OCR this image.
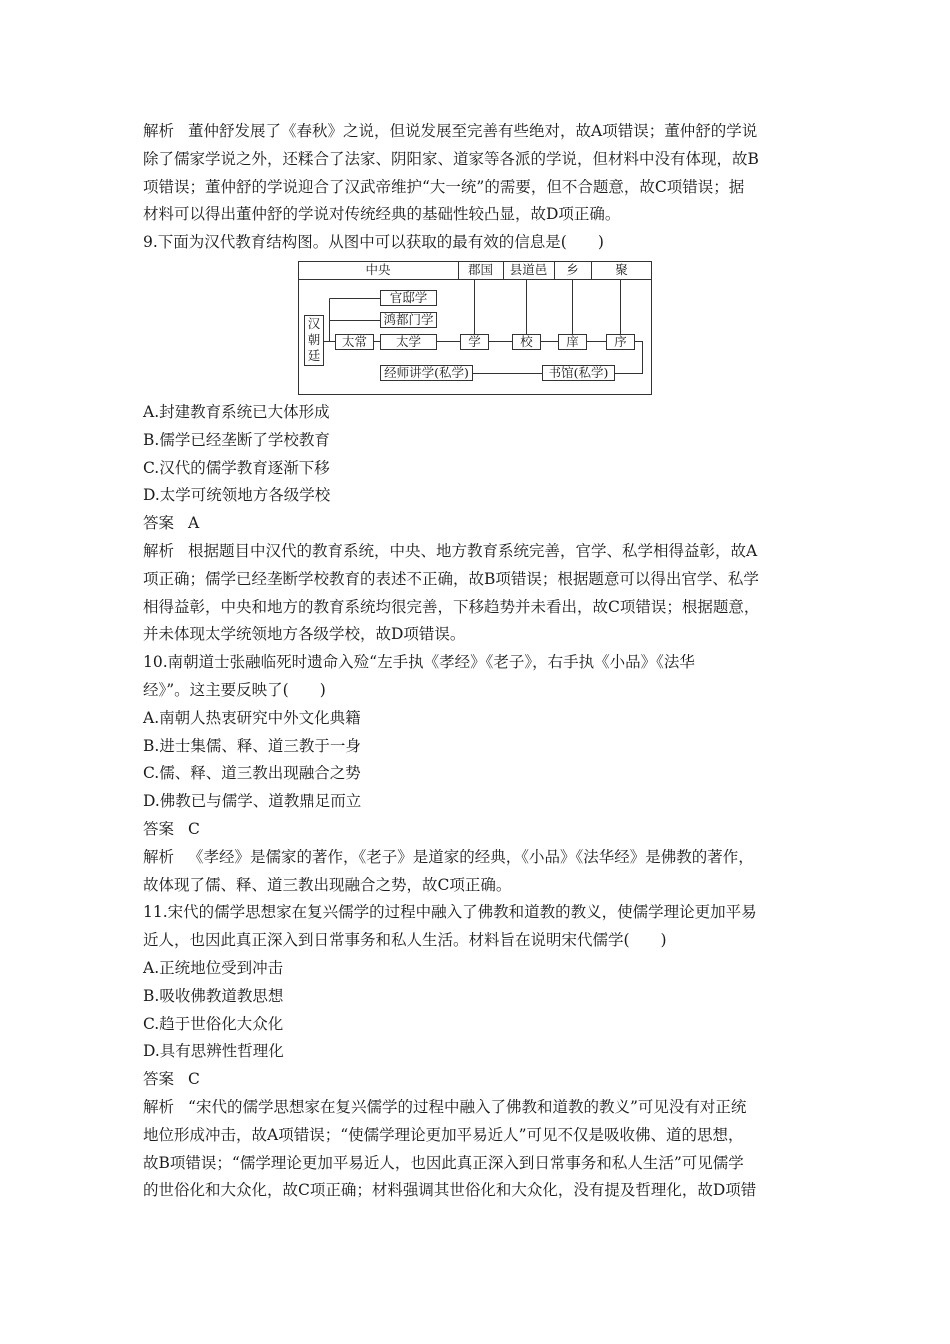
解析 董仲舒发展了《春秋》之说，但说发展至完善有些绝对，故A项错误；董仲舒的学说

除了儒家学说之外，还糅合了法家、阴阳家、道家等各派的学说，但材料中没有体现，故B

项错误；董仲舒的学说迎合了汉武帝维护“大一统”的需要，但不合题意，故C项错误；据

材料可以得出董仲舒的学说对传统经典的基础性较凸显，故D项正确。

9.下面为汉代教育结构图。从图中可以获取的最有效的信息是(　　)

中央	郡国	县道邑	乡	聚
汉
朝
廷
官邸学
鸿都门学
太常	太学	学	校	庠	序
经师讲学(私学)	书馆(私学)

A.封建教育系统已大体形成

B.儒学已经垄断了学校教育

C.汉代的儒学教育逐渐下移

D.太学可统领地方各级学校

答案 A

解析 根据题目中汉代的教育系统，中央、地方教育系统完善，官学、私学相得益彰，故A

项正确；儒学已经垄断学校教育的表述不正确，故B项错误；根据题意可以得出官学、私学

相得益彰，中央和地方的教育系统均很完善，下移趋势并未看出，故C项错误；根据题意，

并未体现太学统领地方各级学校，故D项错误。

10.南朝道士张融临死时遗命入殓“左手执《孝经》《老子》，右手执《小品》《法华

经》”。这主要反映了(　　)

A.南朝人热衷研究中外文化典籍

B.进士集儒、释、道三教于一身

C.儒、释、道三教出现融合之势

D.佛教已与儒学、道教鼎足而立

答案 C

解析 《孝经》是儒家的著作，《老子》是道家的经典，《小品》《法华经》是佛教的著作，

故体现了儒、释、道三教出现融合之势，故C项正确。

11.宋代的儒学思想家在复兴儒学的过程中融入了佛教和道教的教义，使儒学理论更加平易

近人，也因此真正深入到日常事务和私人生活。材料旨在说明宋代儒学(　　)

A.正统地位受到冲击

B.吸收佛教道教思想

C.趋于世俗化大众化

D.具有思辨性哲理化

答案 C

解析 “宋代的儒学思想家在复兴儒学的过程中融入了佛教和道教的教义”可见没有对正统

地位形成冲击，故A项错误；“使儒学理论更加平易近人”可见不仅是吸收佛、道的思想，

故B项错误；“儒学理论更加平易近人，也因此真正深入到日常事务和私人生活”可见儒学

的世俗化和大众化，故C项正确；材料强调其世俗化和大众化，没有提及哲理化，故D项错
